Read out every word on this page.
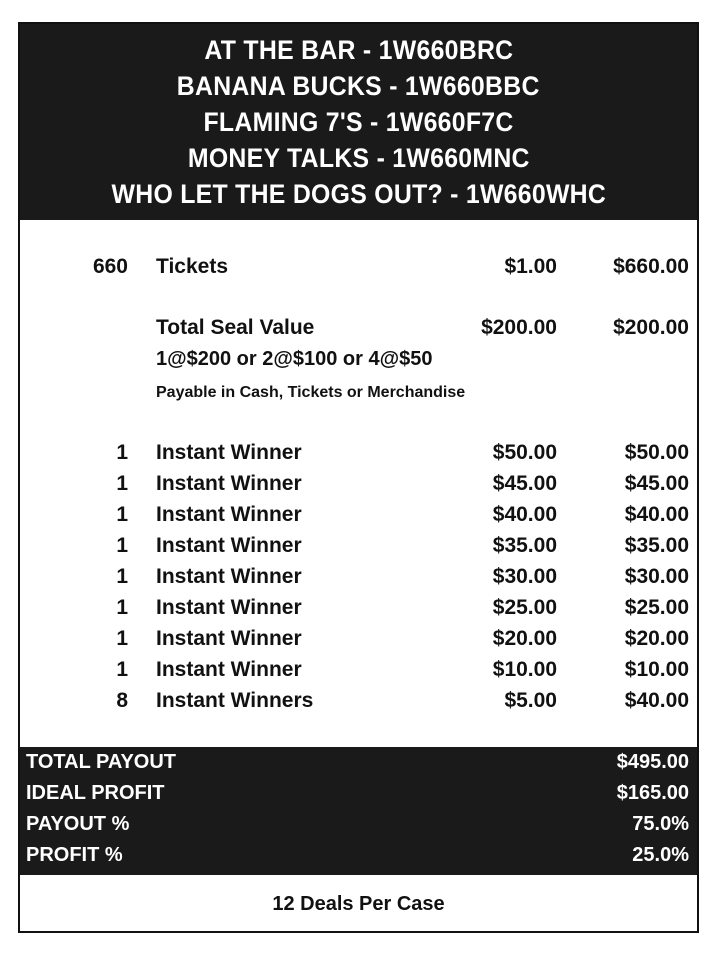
AT THE BAR - 1W660BRC
BANANA BUCKS - 1W660BBC
FLAMING 7'S - 1W660F7C
MONEY TALKS - 1W660MNC
WHO LET THE DOGS OUT? - 1W660WHC
660 Tickets	$1.00	$660.00
Total Seal Value	$200.00	$200.00
1@$200 or 2@$100 or 4@$50
Payable in Cash, Tickets or Merchandise
1 Instant Winner	$50.00	$50.00
1 Instant Winner	$45.00	$45.00
1 Instant Winner	$40.00	$40.00
1 Instant Winner	$35.00	$35.00
1 Instant Winner	$30.00	$30.00
1 Instant Winner	$25.00	$25.00
1 Instant Winner	$20.00	$20.00
1 Instant Winner	$10.00	$10.00
8 Instant Winners	$5.00	$40.00
TOTAL PAYOUT	$495.00
IDEAL PROFIT	$165.00
PAYOUT %	75.0%
PROFIT %	25.0%
12 Deals Per Case
